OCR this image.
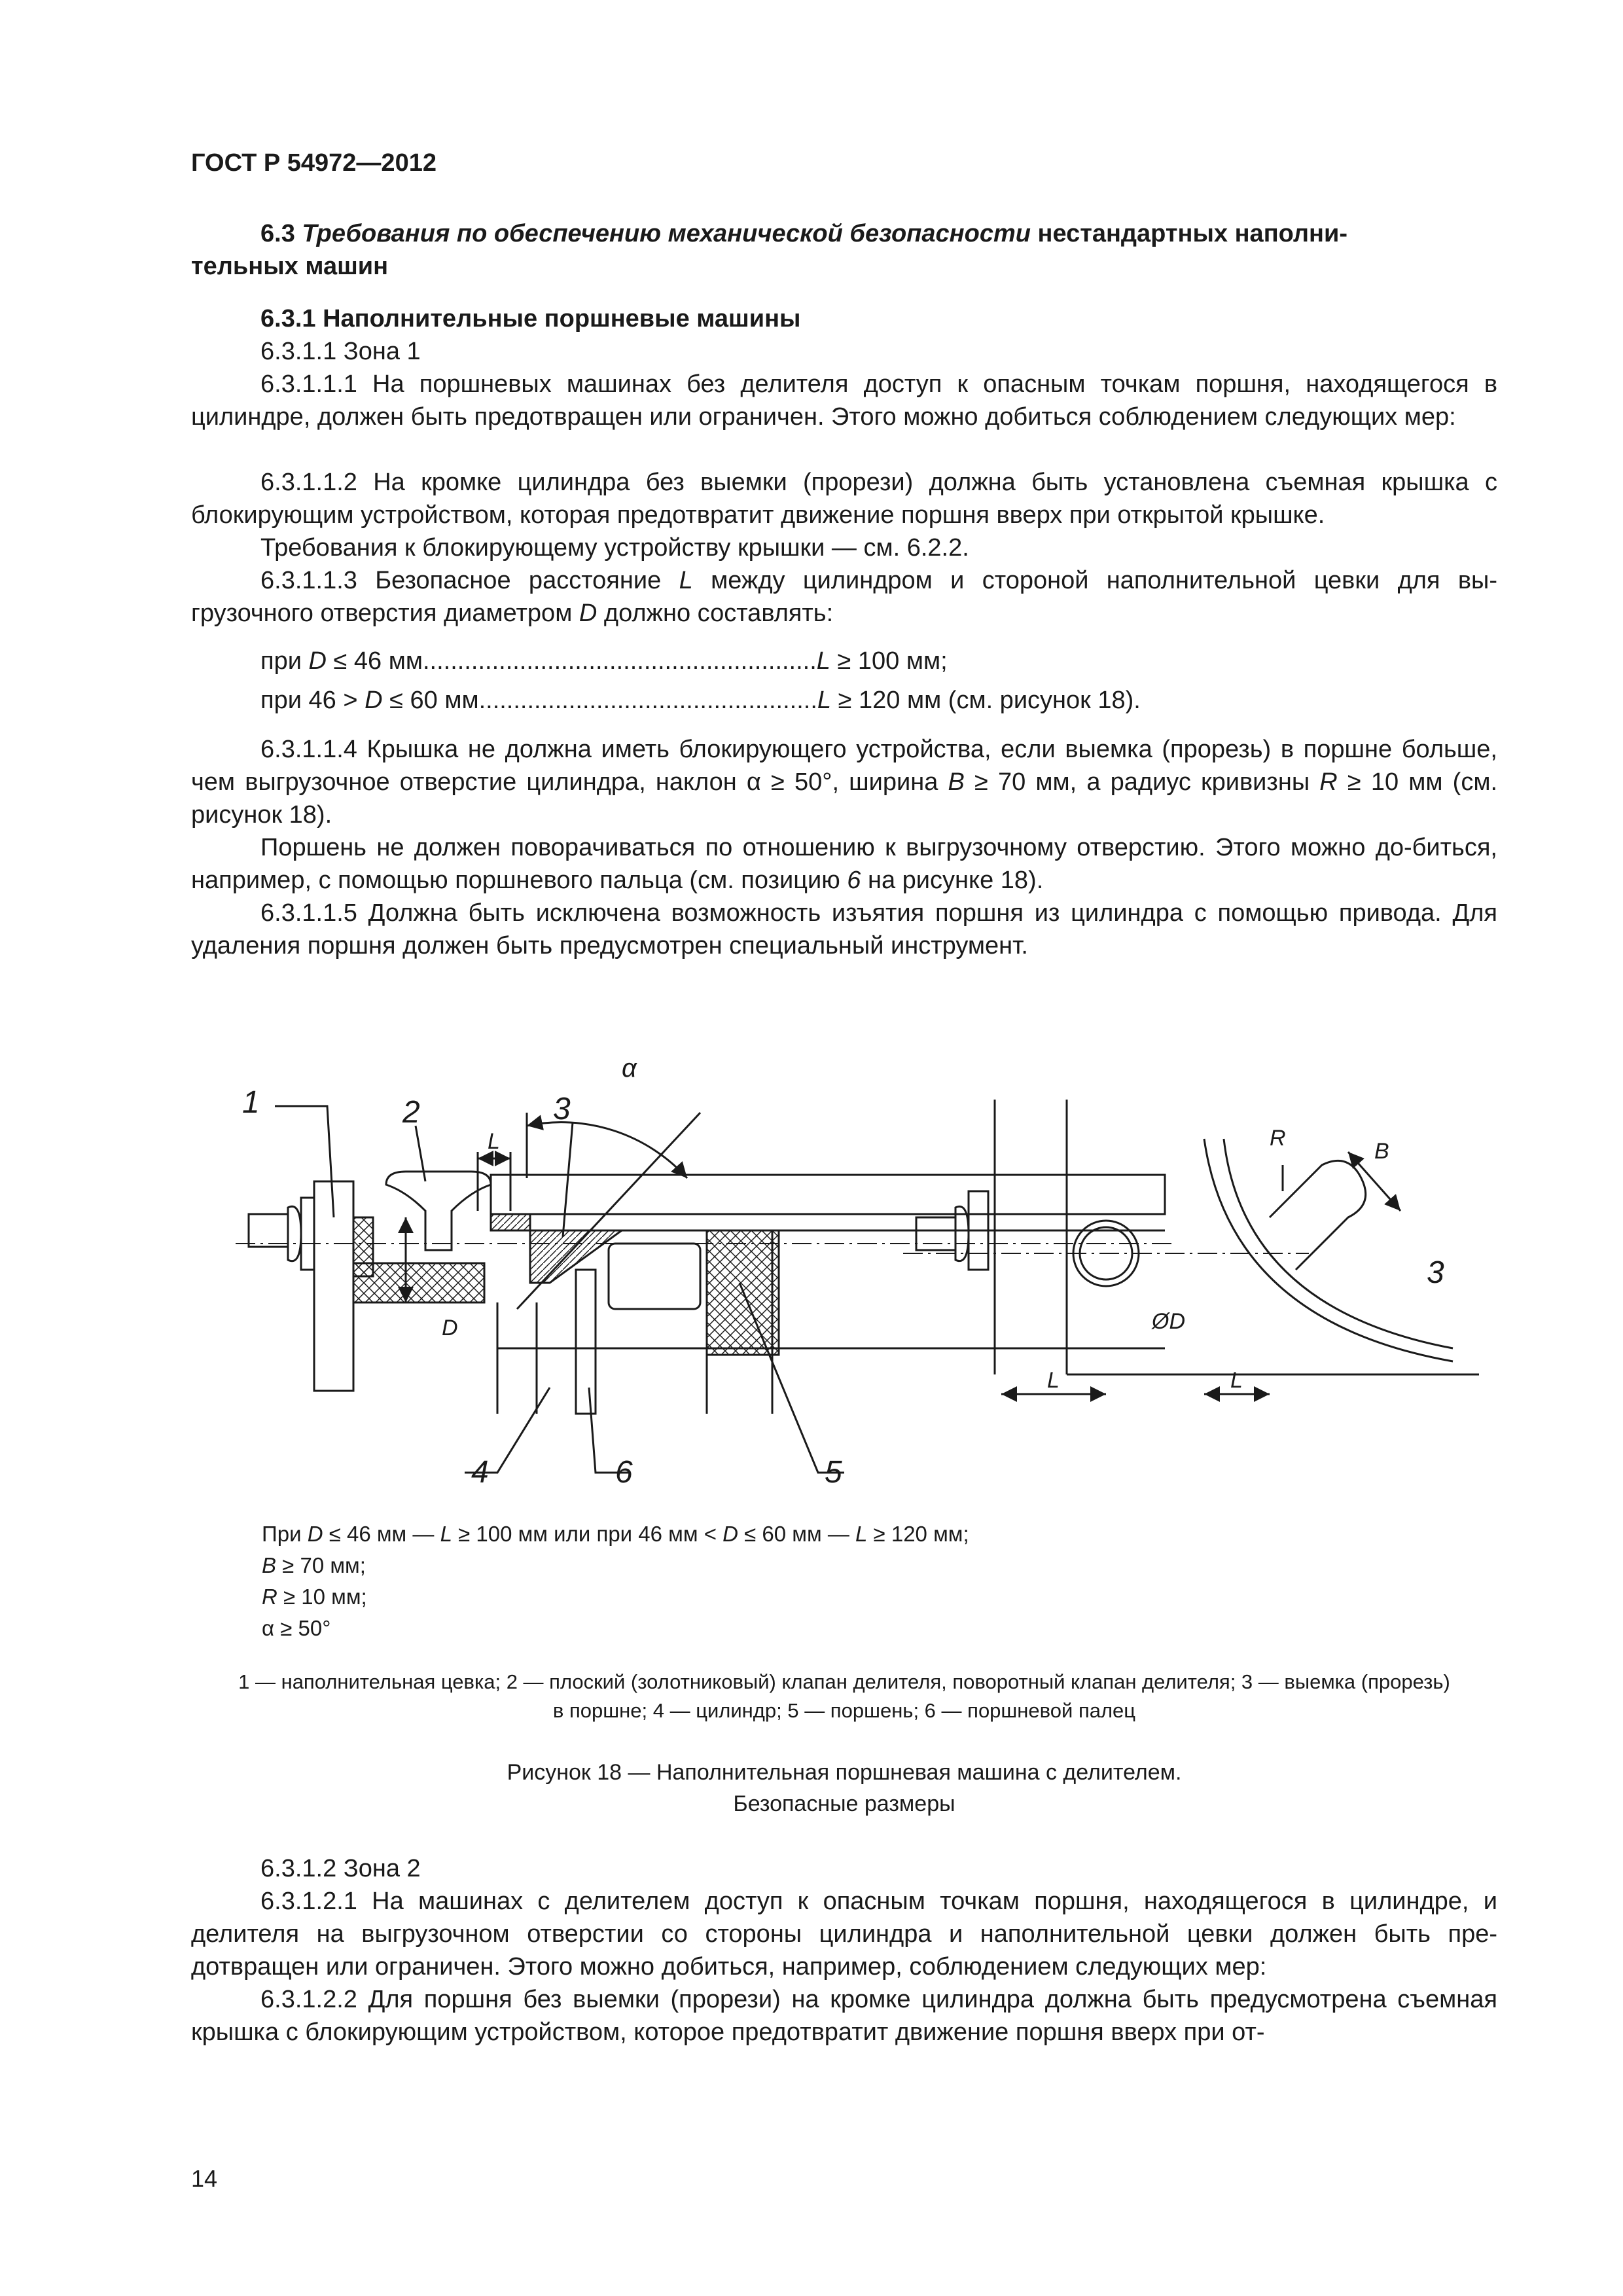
ГОСТ Р 54972—2012
6.3 Требования по обеспечению механической безопасности нестандартных наполни-
тельных машин
6.3.1 Наполнительные поршневые машины
6.3.1.1 Зона 1
6.3.1.1.1 На поршневых машинах без делителя доступ к опасным точкам поршня, находящегося в цилиндре, должен быть предотвращен или ограничен. Этого можно добиться соблюдением следующих мер:
6.3.1.1.2 На кромке цилиндра без выемки (прорези) должна быть установлена съемная крышка с блокирующим устройством, которая предотвратит движение поршня вверх при открытой крышке.
Требования к блокирующему устройству крышки — см. 6.2.2.
6.3.1.1.3 Безопасное расстояние L между цилиндром и стороной наполнительной цевки для вы-грузочного отверстия диаметром D должно составлять:
при D ≤ 46 мм.........................................................L ≥ 100 мм;
при 46 > D ≤ 60 мм.................................................L ≥ 120 мм (см. рисунок 18).
6.3.1.1.4 Крышка не должна иметь блокирующего устройства, если выемка (прорезь) в поршне больше, чем выгрузочное отверстие цилиндра, наклон α ≥ 50°, ширина B ≥ 70 мм, а радиус кривизны R ≥ 10 мм (см. рисунок 18).
Поршень не должен поворачиваться по отношению к выгрузочному отверстию. Этого можно до-биться, например, с помощью поршневого пальца (см. позицию 6 на рисунке 18).
6.3.1.1.5 Должна быть исключена возможность изъятия поршня из цилиндра с помощью привода. Для удаления поршня должен быть предусмотрен специальный инструмент.
1	2	3
4	5
6
L
D
α
R
B
ØD
3
L	L
При D ≤ 46 мм — L ≥ 100 мм или при 46 мм < D ≤ 60 мм — L ≥ 120 мм;
B ≥ 70 мм;
R ≥ 10 мм;
α ≥ 50°
1 — наполнительная цевка; 2 — плоский (золотниковый) клапан делителя, поворотный клапан делителя; 3 — выемка (прорезь)
в поршне; 4 — цилиндр; 5 — поршень; 6 — поршневой палец
Рисунок 18 — Наполнительная поршневая машина с делителем.
Безопасные размеры
6.3.1.2 Зона 2
6.3.1.2.1 На машинах с делителем доступ к опасным точкам поршня, находящегося в цилиндре, и делителя на выгрузочном отверстии со стороны цилиндра и наполнительной цевки должен быть пре-дотвращен или ограничен. Этого можно добиться, например, соблюдением следующих мер:
6.3.1.2.2 Для поршня без выемки (прорези) на кромке цилиндра должна быть предусмотрена съемная крышка с блокирующим устройством, которое предотвратит движение поршня вверх при от-
14
